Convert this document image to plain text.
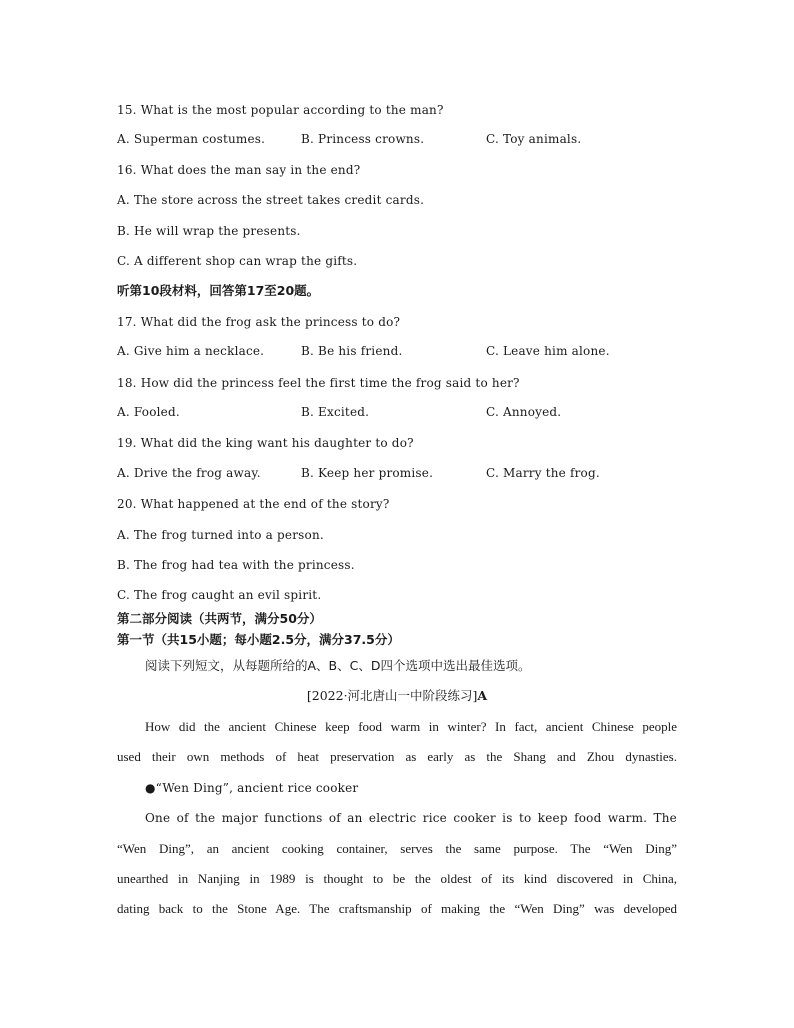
15. What is the most popular according to the man?
A. Superman costumes.	B. Princess crowns.	C. Toy animals.
16. What does the man say in the end?
A. The store across the street takes credit cards.
B. He will wrap the presents.
C. A different shop can wrap the gifts.
听第10段材料，回答第17至20题。
17. What did the frog ask the princess to do?
A. Give him a necklace.	B. Be his friend.	C. Leave him alone.
18. How did the princess feel the first time the frog said to her?
A. Fooled.	B. Excited.	C. Annoyed.
19. What did the king want his daughter to do?
A. Drive the frog away.	B. Keep her promise.	C. Marry the frog.
20. What happened at the end of the story?
A. The frog turned into a person.
B. The frog had tea with the princess.
C. The frog caught an evil spirit.
第二部分阅读（共两节，满分50分）
第一节（共15小题；每小题2.5分，满分37.5分）
阅读下列短文，从每题所给的A、B、C、D四个选项中选出最佳选项。
[2022·河北唐山一中阶段练习]A
How did the ancient Chinese keep food warm in winter? In fact, ancient Chinese people
used their own methods of heat preservation as early as the Shang and Zhou dynasties.
●“Wen Ding”, ancient rice cooker
One of the major functions of an electric rice cooker is to keep food warm. The
“Wen Ding”, an ancient cooking container, serves the same purpose. The “Wen Ding”
unearthed in Nanjing in 1989 is thought to be the oldest of its kind discovered in China,
dating back to the Stone Age. The craftsmanship of making the “Wen Ding” was developed
